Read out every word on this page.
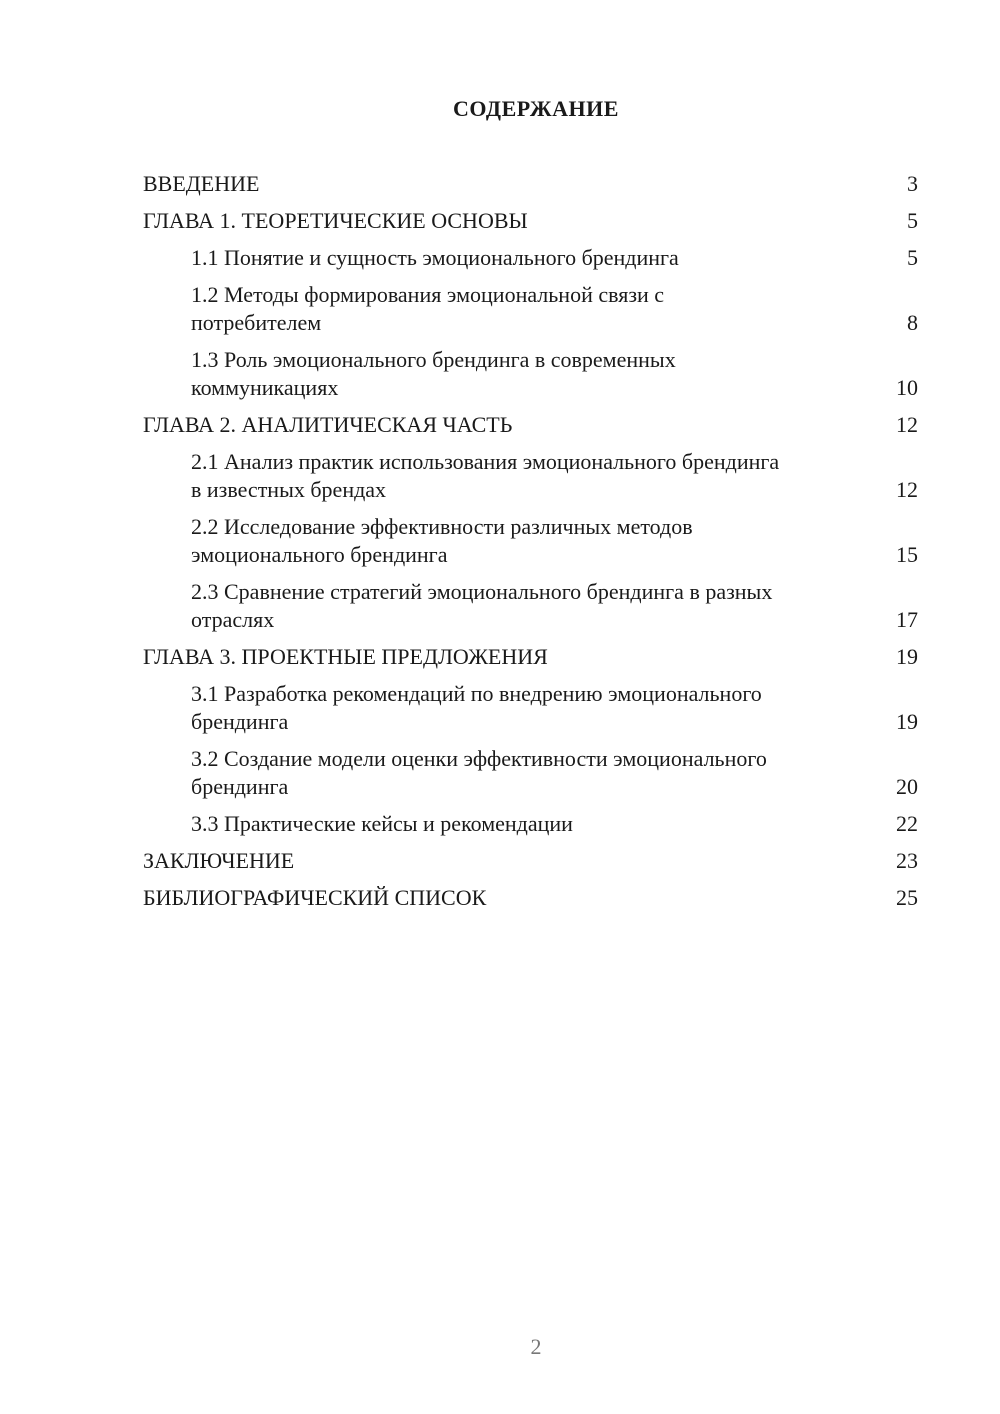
СОДЕРЖАНИЕ
ВВЕДЕНИЕ	3
ГЛАВА 1. ТЕОРЕТИЧЕСКИЕ ОСНОВЫ	5
1.1 Понятие и сущность эмоционального брендинга	5
1.2 Методы формирования эмоциональной связи с потребителем	8
1.3 Роль эмоционального брендинга в современных коммуникациях	10
ГЛАВА 2. АНАЛИТИЧЕСКАЯ ЧАСТЬ	12
2.1 Анализ практик использования эмоционального брендинга в известных брендах	12
2.2 Исследование эффективности различных методов эмоционального брендинга	15
2.3 Сравнение стратегий эмоционального брендинга в разных отраслях	17
ГЛАВА 3. ПРОЕКТНЫЕ ПРЕДЛОЖЕНИЯ	19
3.1 Разработка рекомендаций по внедрению эмоционального брендинга	19
3.2 Создание модели оценки эффективности эмоционального брендинга	20
3.3 Практические кейсы и рекомендации	22
ЗАКЛЮЧЕНИЕ	23
БИБЛИОГРАФИЧЕСКИЙ СПИСОК	25
2
